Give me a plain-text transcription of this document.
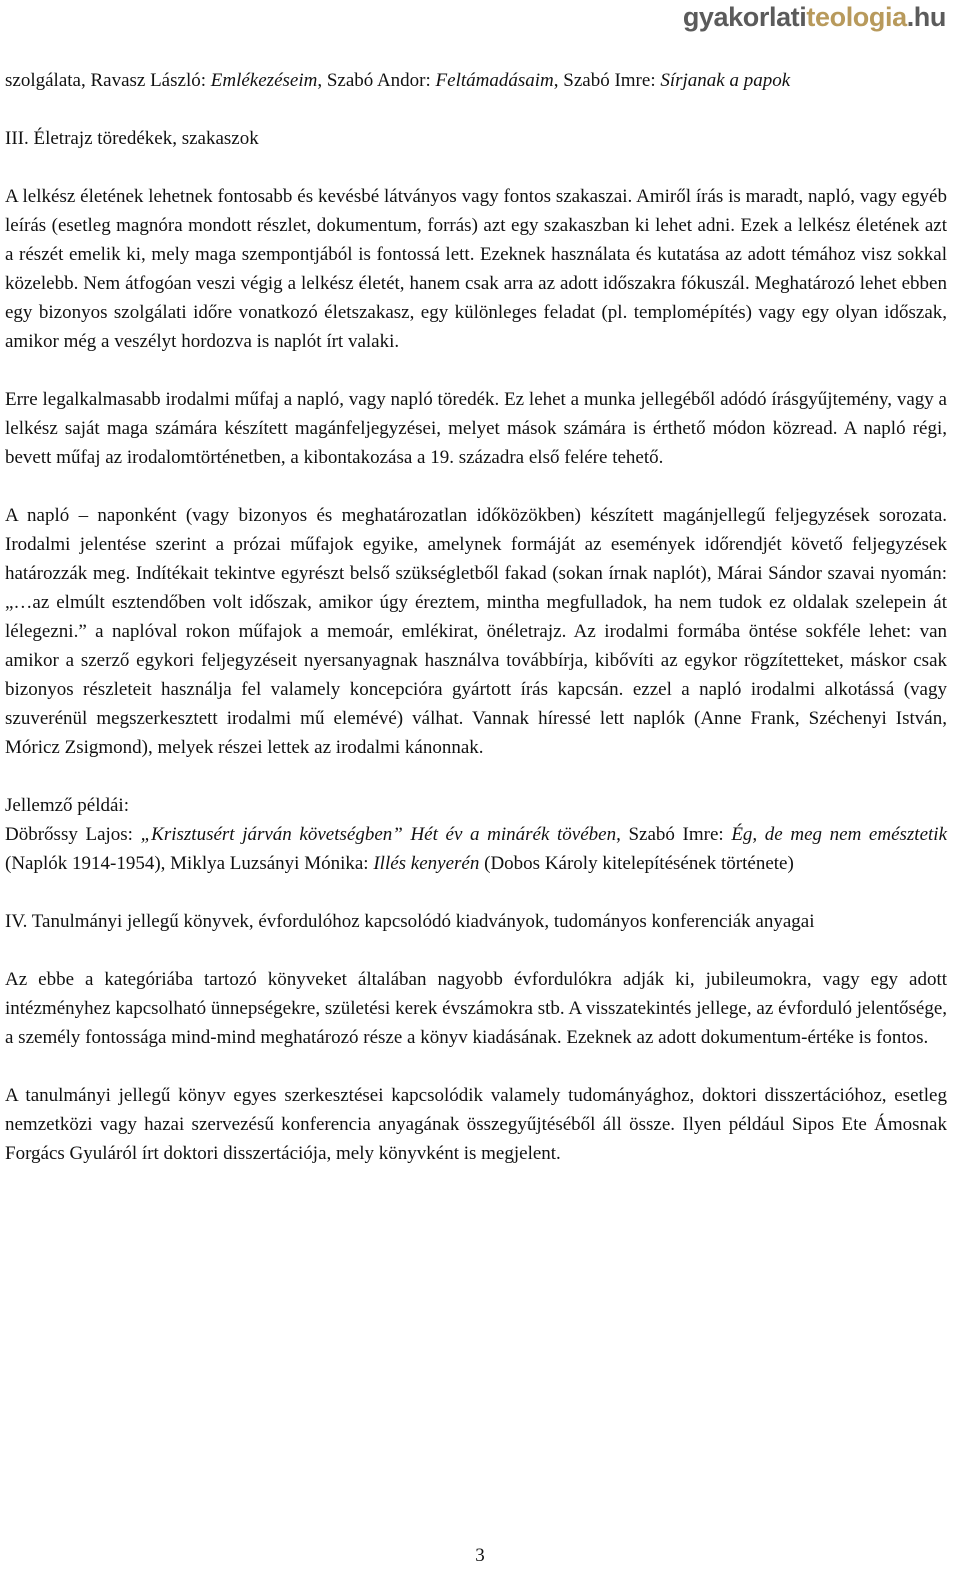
gyakorlatiteologia.hu

szolgálata, Ravasz László: Emlékezéseim, Szabó Andor: Feltámadásaim, Szabó Imre: Sírjanak a papok

III. Életrajz töredékek, szakaszok

A lelkész életének lehetnek fontosabb és kevésbé látványos vagy fontos szakaszai. Amiről írás is maradt, napló, vagy egyéb leírás (esetleg magnóra mondott részlet, dokumentum, forrás) azt egy szakaszban ki lehet adni. Ezek a lelkész életének azt a részét emelik ki, mely maga szempontjából is fontossá lett. Ezeknek használata és kutatása az adott témához visz sokkal közelebb. Nem átfogóan veszi végig a lelkész életét, hanem csak arra az adott időszakra fókuszál. Meghatározó lehet ebben egy bizonyos szolgálati időre vonatkozó életszakasz, egy különleges feladat (pl. templomépítés) vagy egy olyan időszak, amikor még a veszélyt hordozva is naplót írt valaki.

Erre legalkalmasabb irodalmi műfaj a napló, vagy napló töredék. Ez lehet a munka jellegéből adódó írásgyűjtemény, vagy a lelkész saját maga számára készített magánfeljegyzései, melyet mások számára is érthető módon közread. A napló régi, bevett műfaj az irodalomtörténetben, a kibontakozása a 19. századra első felére tehető.

A napló – naponként (vagy bizonyos és meghatározatlan időközökben) készített magánjellegű feljegyzések sorozata. Irodalmi jelentése szerint a prózai műfajok egyike, amelynek formáját az események időrendjét követő feljegyzések határozzák meg. Indítékait tekintve egyrészt belső szükségletből fakad (sokan írnak naplót), Márai Sándor szavai nyomán: „…az elmúlt esztendőben volt időszak, amikor úgy éreztem, mintha megfulladok, ha nem tudok ez oldalak szelepein át lélegezni.” a naplóval rokon műfajok a memoár, emlékirat, önéletrajz. Az irodalmi formába öntése sokféle lehet: van amikor a szerző egykori feljegyzéseit nyersanyagnak használva továbbírja, kibővíti az egykor rögzítetteket, máskor csak bizonyos részleteit használja fel valamely koncepcióra gyártott írás kapcsán. ezzel a napló irodalmi alkotássá (vagy szuverénül megszerkesztett irodalmi mű elemévé) válhat. Vannak híressé lett naplók (Anne Frank, Széchenyi István, Móricz Zsigmond), melyek részei lettek az irodalmi kánonnak.

Jellemző példái:

Döbrőssy Lajos: „Krisztusért járván követségben” Hét év a minárék tövében, Szabó Imre: Ég, de meg nem emésztetik (Naplók 1914-1954), Miklya Luzsányi Mónika: Illés kenyerén (Dobos Károly kitelepítésének története)

IV. Tanulmányi jellegű könyvek, évfordulóhoz kapcsolódó kiadványok, tudományos konferenciák anyagai

Az ebbe a kategóriába tartozó könyveket általában nagyobb évfordulókra adják ki, jubileumokra, vagy egy adott intézményhez kapcsolható ünnepségekre, születési kerek évszámokra stb. A visszatekintés jellege, az évforduló jelentősége, a személy fontossága mind-mind meghatározó része a könyv kiadásának. Ezeknek az adott dokumentum-értéke is fontos.

A tanulmányi jellegű könyv egyes szerkesztései kapcsolódik valamely tudományághoz, doktori disszertációhoz, esetleg nemzetközi vagy hazai szervezésű konferencia anyagának összegyűjtéséből áll össze. Ilyen például Sipos Ete Ámosnak Forgács Gyuláról írt doktori disszertációja, mely könyvként is megjelent.

3
